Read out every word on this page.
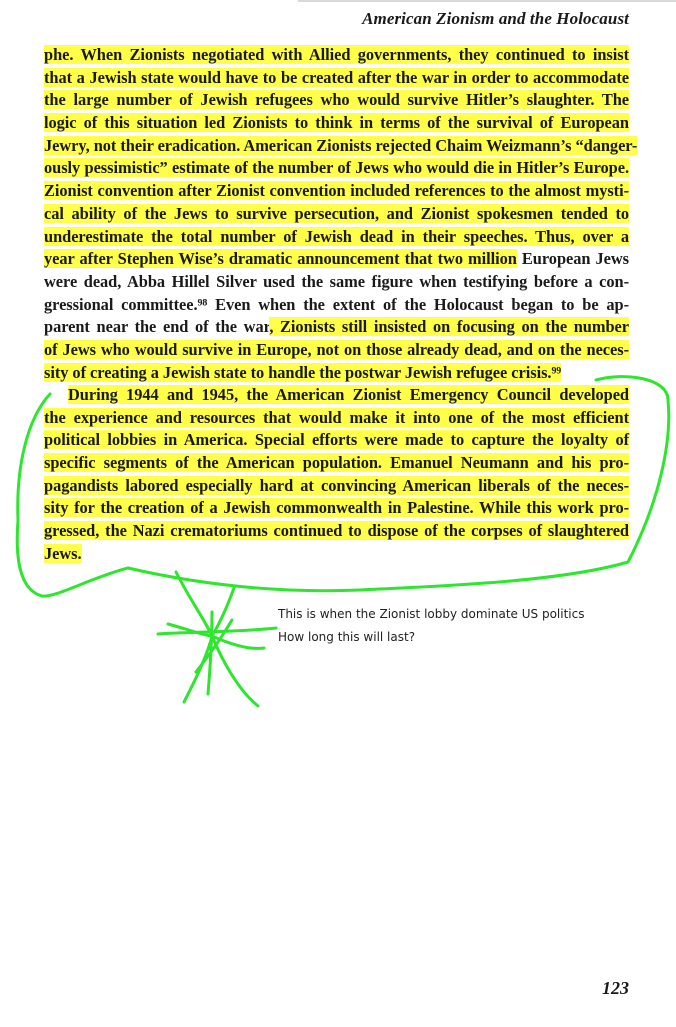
American Zionism and the Holocaust
phe. When Zionists negotiated with Allied governments, they continued to insist
that a Jewish state would have to be created after the war in order to accommodate
the large number of Jewish refugees who would survive Hitler’s slaughter. The
logic of this situation led Zionists to think in terms of the survival of European
Jewry, not their eradication. American Zionists rejected Chaim Weizmann’s “danger-
ously pessimistic” estimate of the number of Jews who would die in Hitler’s Europe.
Zionist convention after Zionist convention included references to the almost mysti-
cal ability of the Jews to survive persecution, and Zionist spokesmen tended to
underestimate the total number of Jewish dead in their speeches. Thus, over a
year after Stephen Wise’s dramatic announcement that two million European Jews
were dead, Abba Hillel Silver used the same figure when testifying before a con-
gressional committee.⁹⁸ Even when the extent of the Holocaust began to be ap-
parent near the end of the war, Zionists still insisted on focusing on the number
of Jews who would survive in Europe, not on those already dead, and on the neces-
sity of creating a Jewish state to handle the postwar Jewish refugee crisis.⁹⁹
During 1944 and 1945, the American Zionist Emergency Council developed
the experience and resources that would make it into one of the most efficient
political lobbies in America. Special efforts were made to capture the loyalty of
specific segments of the American population. Emanuel Neumann and his pro-
pagandists labored especially hard at convincing American liberals of the neces-
sity for the creation of a Jewish commonwealth in Palestine. While this work pro-
gressed, the Nazi crematoriums continued to dispose of the corpses of slaughtered
Jews.
This is when the Zionist lobby dominate US politics
How long this will last?
123
